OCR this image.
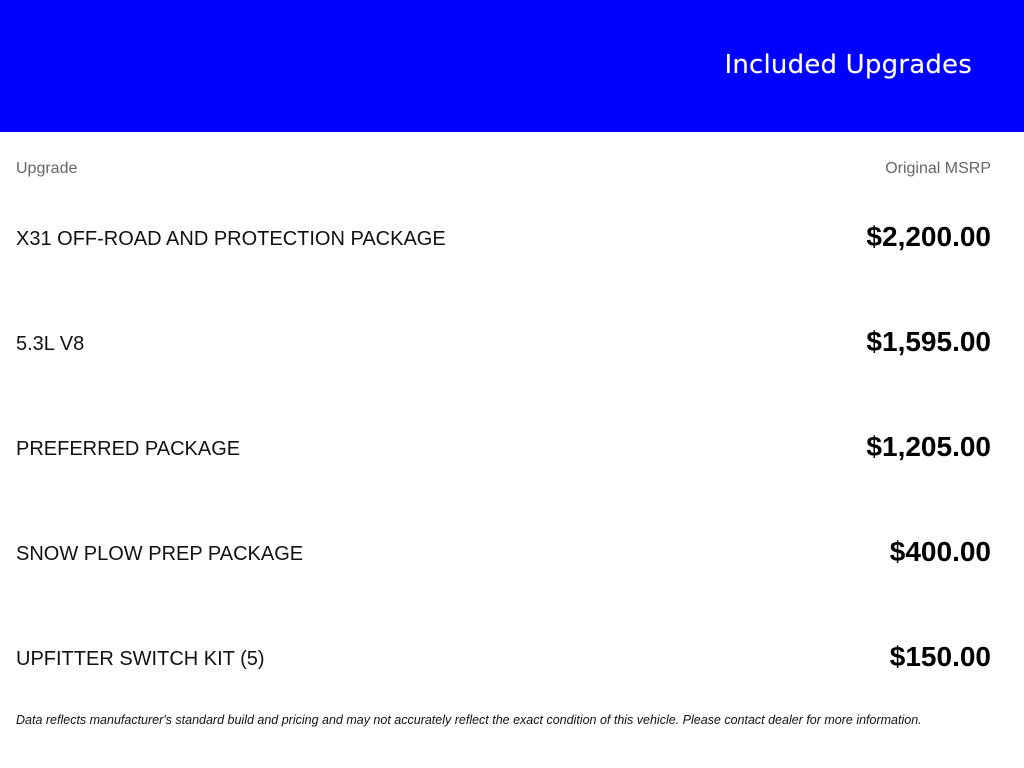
Included Upgrades
Upgrade	Original MSRP
X31 OFF-ROAD AND PROTECTION PACKAGE	$2,200.00
5.3L V8	$1,595.00
PREFERRED PACKAGE	$1,205.00
SNOW PLOW PREP PACKAGE	$400.00
UPFITTER SWITCH KIT (5)	$150.00
Data reflects manufacturer's standard build and pricing and may not accurately reflect the exact condition of this vehicle. Please contact dealer for more information.
